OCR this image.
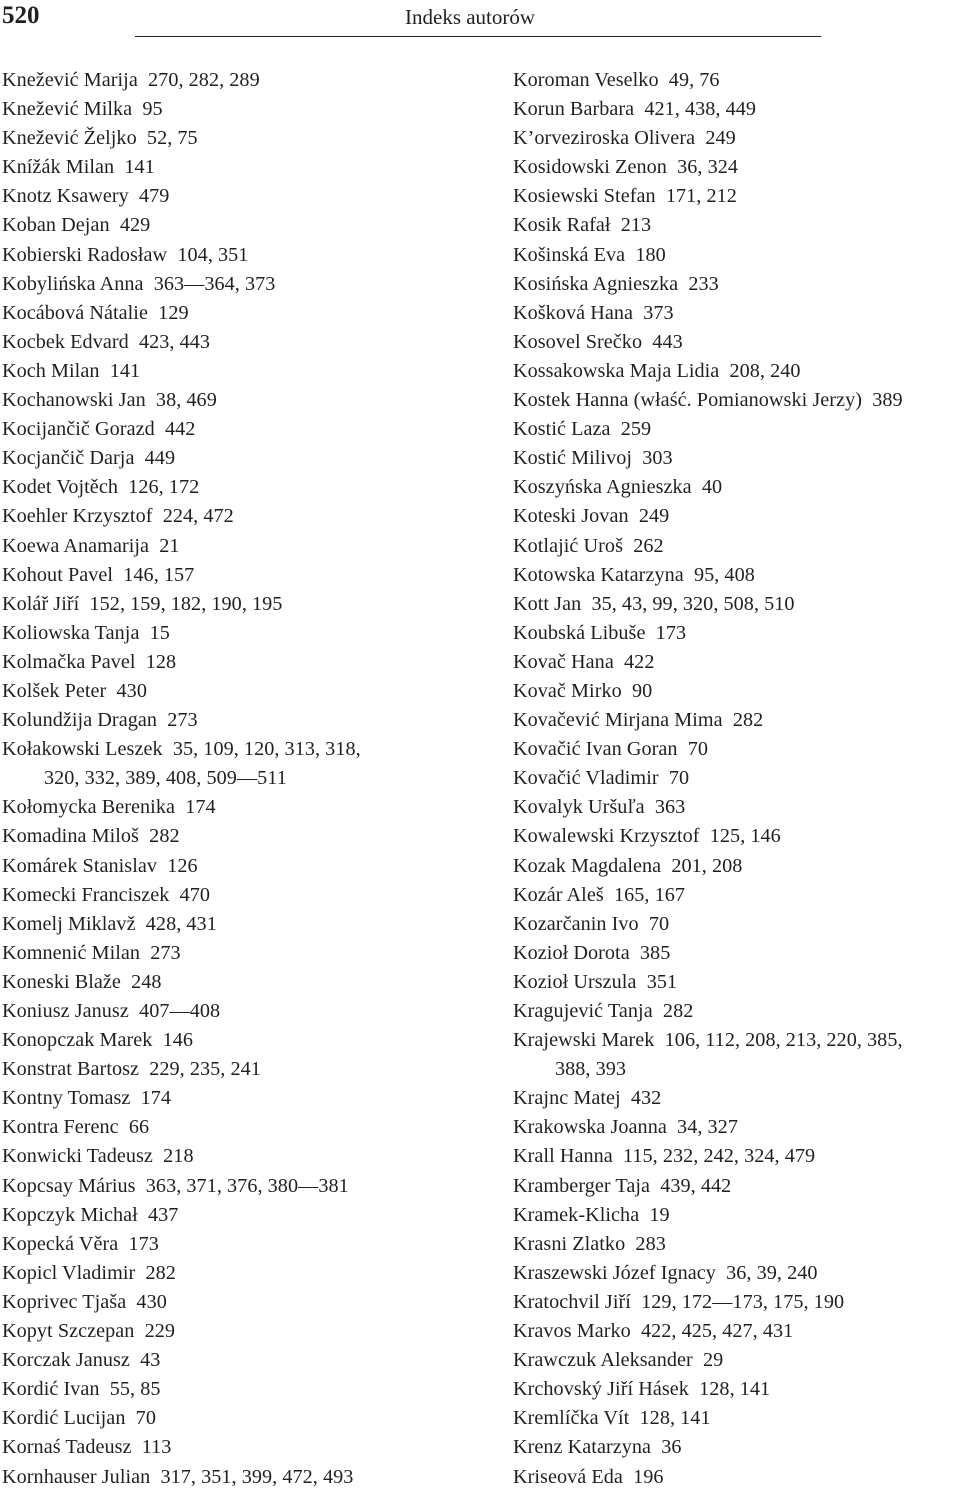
520	Indeks autorów
Knežević Marija 270, 282, 289
Knežević Milka 95
Knežević Željko 52, 75
Knížák Milan 141
Knotz Ksawery 479
Koban Dejan 429
Kobierski Radosław 104, 351
Kobylińska Anna 363—364, 373
Kocábová Nátalie 129
Kocbek Edvard 423, 443
Koch Milan 141
Kochanowski Jan 38, 469
Kocijančič Gorazd 442
Kocjančič Darja 449
Kodet Vojtěch 126, 172
Koehler Krzysztof 224, 472
Koewa Anamarija 21
Kohout Pavel 146, 157
Kolář Jiří 152, 159, 182, 190, 195
Koliowska Tanja 15
Kolmačka Pavel 128
Kolšek Peter 430
Kolundžija Dragan 273
Kołakowski Leszek 35, 109, 120, 313, 318,
320, 332, 389, 408, 509—511
Kołomycka Berenika 174
Komadina Miloš 282
Komárek Stanislav 126
Komecki Franciszek 470
Komelj Miklavž 428, 431
Komnenić Milan 273
Koneski Blaže 248
Koniusz Janusz 407—408
Konopczak Marek 146
Konstrat Bartosz 229, 235, 241
Kontny Tomasz 174
Kontra Ferenc 66
Konwicki Tadeusz 218
Kopcsay Márius 363, 371, 376, 380—381
Kopczyk Michał 437
Kopecká Věra 173
Kopicl Vladimir 282
Koprivec Tjaša 430
Kopyt Szczepan 229
Korczak Janusz 43
Kordić Ivan 55, 85
Kordić Lucijan 70
Kornaś Tadeusz 113
Kornhauser Julian 317, 351, 399, 472, 493
Koroman Veselko 49, 76
Korun Barbara 421, 438, 449
K’orveziroska Olivera 249
Kosidowski Zenon 36, 324
Kosiewski Stefan 171, 212
Kosik Rafał 213
Košinská Eva 180
Kosińska Agnieszka 233
Košková Hana 373
Kosovel Srečko 443
Kossakowska Maja Lidia 208, 240
Kostek Hanna (właść. Pomianowski Jerzy) 389
Kostić Laza 259
Kostić Milivoj 303
Koszyńska Agnieszka 40
Koteski Jovan 249
Kotlajić Uroš 262
Kotowska Katarzyna 95, 408
Kott Jan 35, 43, 99, 320, 508, 510
Koubská Libuše 173
Kovač Hana 422
Kovač Mirko 90
Kovačević Mirjana Mima 282
Kovačić Ivan Goran 70
Kovačić Vladimir 70
Kovalyk Uršuľa 363
Kowalewski Krzysztof 125, 146
Kozak Magdalena 201, 208
Kozár Aleš 165, 167
Kozarčanin Ivo 70
Kozioł Dorota 385
Kozioł Urszula 351
Kragujević Tanja 282
Krajewski Marek 106, 112, 208, 213, 220, 385,
388, 393
Krajnc Matej 432
Krakowska Joanna 34, 327
Krall Hanna 115, 232, 242, 324, 479
Kramberger Taja 439, 442
Kramek-Klicha 19
Krasni Zlatko 283
Kraszewski Józef Ignacy 36, 39, 240
Kratochvil Jiří 129, 172—173, 175, 190
Kravos Marko 422, 425, 427, 431
Krawczuk Aleksander 29
Krchovský Jiří Hásek 128, 141
Kremlíčka Vít 128, 141
Krenz Katarzyna 36
Kriseová Eda 196
